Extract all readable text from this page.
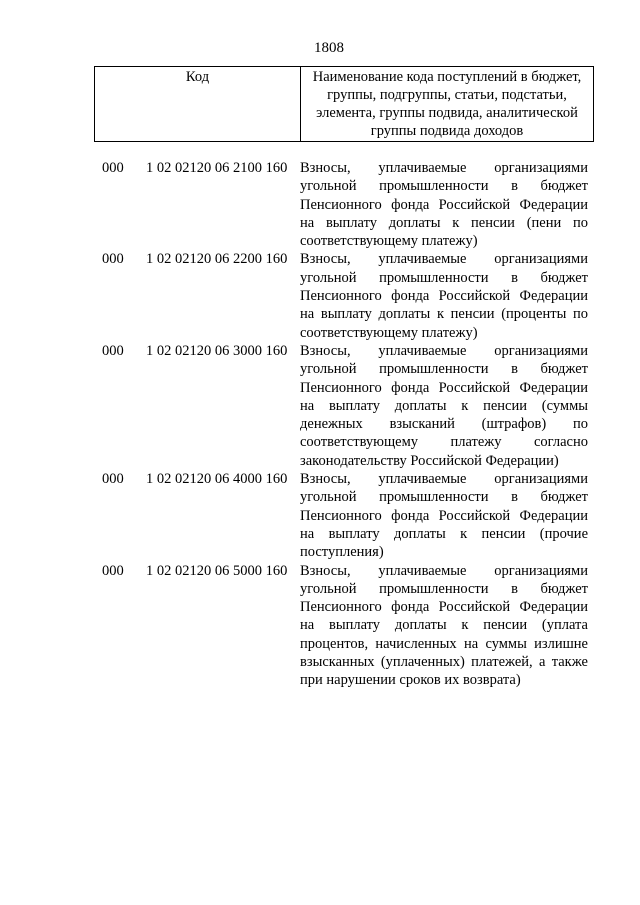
1808
Код	Наименование кода поступлений в бюджет, группы, подгруппы, статьи, подстатьи, элемента, группы подвида, аналитической группы подвида доходов
000 1 02 02120 06 2100 160 Взносы, уплачиваемые организациями угольной промышленности в бюджет Пенсионного фонда Российской Федерации на выплату доплаты к пенсии (пени по соответствующему платежу)
000 1 02 02120 06 2200 160 Взносы, уплачиваемые организациями угольной промышленности в бюджет Пенсионного фонда Российской Федерации на выплату доплаты к пенсии (проценты по соответствующему платежу)
000 1 02 02120 06 3000 160 Взносы, уплачиваемые организациями угольной промышленности в бюджет Пенсионного фонда Российской Федерации на выплату доплаты к пенсии (суммы денежных взысканий (штрафов) по соответствующему платежу согласно законодательству Российской Федерации)
000 1 02 02120 06 4000 160 Взносы, уплачиваемые организациями угольной промышленности в бюджет Пенсионного фонда Российской Федерации на выплату доплаты к пенсии (прочие поступления)
000 1 02 02120 06 5000 160 Взносы, уплачиваемые организациями угольной промышленности в бюджет Пенсионного фонда Российской Федерации на выплату доплаты к пенсии (уплата процентов, начисленных на суммы излишне взысканных (уплаченных) платежей, а также при нарушении сроков их возврата)
